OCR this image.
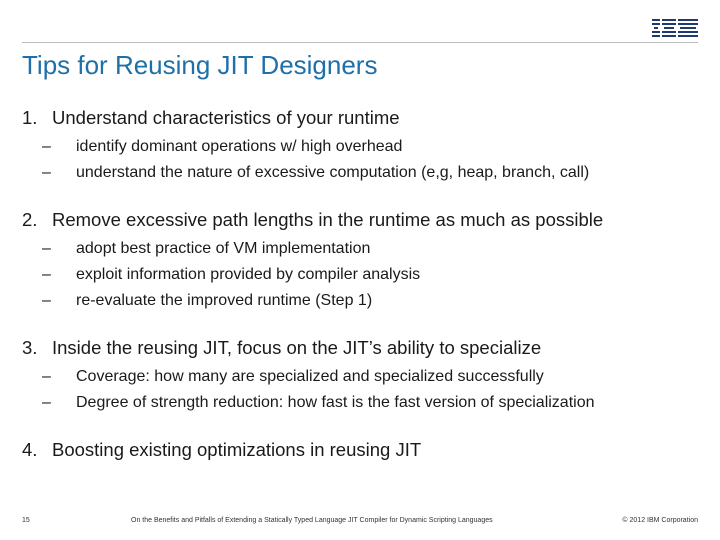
Tips for Reusing JIT Designers
1. Understand characteristics of your runtime
–	identify dominant operations w/ high overhead
–	understand the nature of excessive computation (e,g, heap, branch, call)
2. Remove excessive path lengths in the runtime as much as possible
–	adopt best practice of VM implementation
–	exploit information provided by compiler analysis
–	re-evaluate the improved runtime (Step 1)
3. Inside the reusing JIT, focus on the JIT’s ability to specialize
–	Coverage: how many are specialized and specialized successfully
–	Degree of strength reduction: how fast is the fast version of specialization
4. Boosting existing optimizations in reusing JIT
15	On the Benefits and Pitfalls of Extending a Statically Typed Language JIT Compiler for Dynamic Scripting Languages	© 2012 IBM Corporation
